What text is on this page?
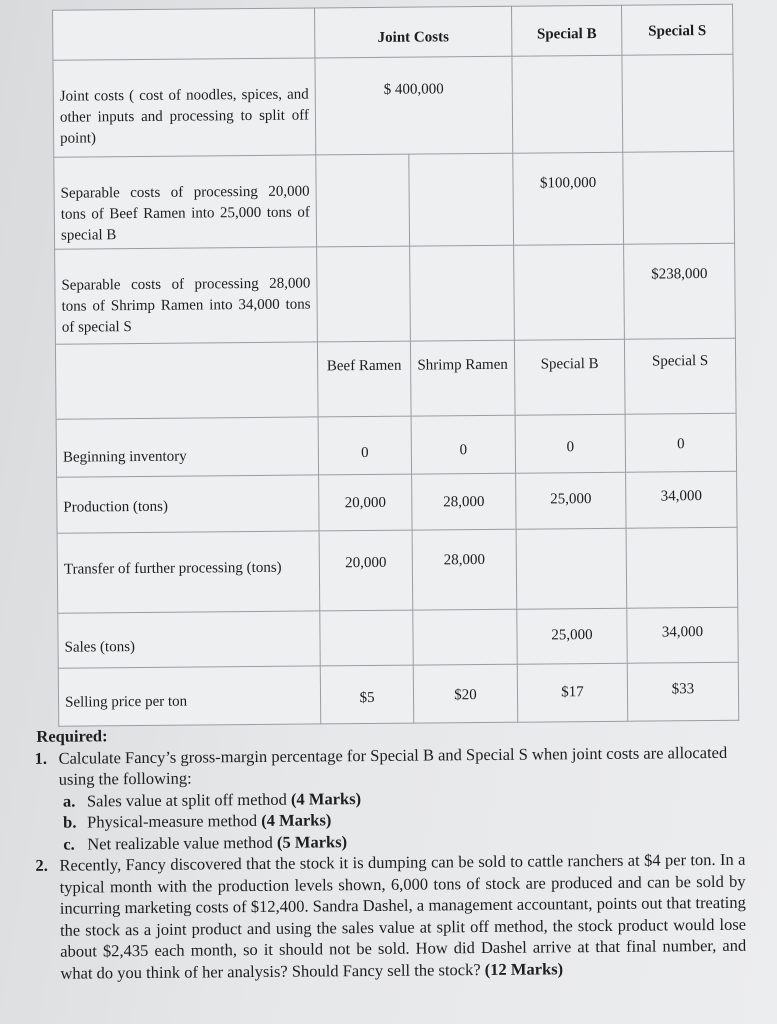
	Joint Costs		Special B	Special S
Joint costs ( cost of noodles, spices, and other inputs and processing to split off point)	$ 400,000			
Separable costs of processing 20,000 tons of Beef Ramen into 25,000 tons of special B			$100,000	
Separable costs of processing 28,000 tons of Shrimp Ramen into 34,000 tons of special S				$238,000
	Beef Ramen	Shrimp Ramen	Special B	Special S
Beginning inventory	0	0	0	0
Production (tons)	20,000	28,000	25,000	34,000
Transfer of further processing (tons)	20,000	28,000		
Sales (tons)			25,000	34,000
Selling price per ton	$5	$20	$17	$33
Required:
1. Calculate Fancy’s gross-margin percentage for Special B and Special S when joint costs are allocated using the following:
a. Sales value at split off method (4 Marks)
b. Physical-measure method (4 Marks)
c. Net realizable value method (5 Marks)
2. Recently, Fancy discovered that the stock it is dumping can be sold to cattle ranchers at $4 per ton. In a typical month with the production levels shown, 6,000 tons of stock are produced and can be sold by incurring marketing costs of $12,400. Sandra Dashel, a management accountant, points out that treating the stock as a joint product and using the sales value at split off method, the stock product would lose about $2,435 each month, so it should not be sold. How did Dashel arrive at that final number, and what do you think of her analysis? Should Fancy sell the stock? (12 Marks)
